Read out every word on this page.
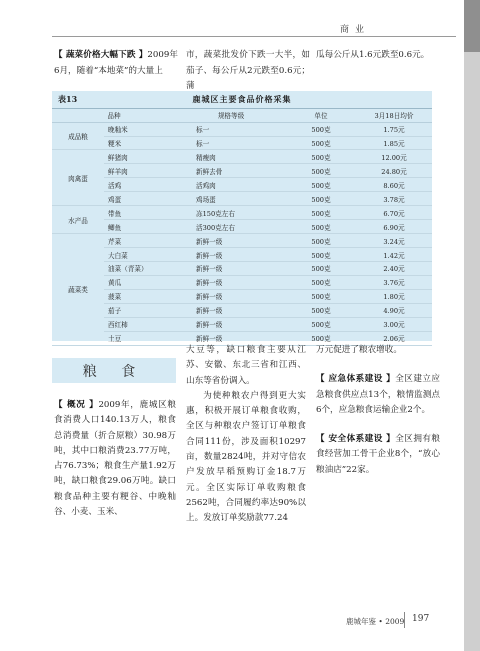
商业
【 蔬菜价格大幅下跌 】2009年6月，随着“本地菜”的大量上
市，蔬菜批发价下跌一大半，如茄子、每公斤从2元跌至0.6元；蒲
瓜每公斤从1.6元跌至0.6元。
表13	鹿城区主要食品价格采集
品种		规格等级	单位	3月18日均价
成品粮	晚籼米	标一	500克	1.75元
	粳米	标一	500克	1.85元
肉禽蛋	鲜猪肉	精瘦肉	500克	12.00元
	鲜羊肉	新鲜去骨	500克	24.80元
	活鸡	活鸡肉	500克	8.60元
	鸡蛋	鸡场蛋	500克	3.78元
水产品	带鱼	冻150克左右	500克	6.70元
	鲫鱼	活300克左右	500克	6.90元
蔬菜类	芹菜	新鲜一级	500克	3.24元
	大白菜	新鲜一级	500克	1.42元
	油菜（青菜）	新鲜一级	500克	2.40元
	黄瓜	新鲜一级	500克	3.76元
	菠菜	新鲜一级	500克	1.80元
	茄子	新鲜一级	500克	4.90元
	西红柿	新鲜一级	500克	3.00元
	土豆	新鲜一级	500克	2.06元
粮 食
【 概况 】2009年，鹿城区粮食消费人口140.13万人，粮食总消费量（折合原粮）30.98万吨，其中口粮消费23.77万吨，占76.73%；粮食生产量1.92万吨，缺口粮食29.06万吨。缺口粮食品种主要有粳谷、中晚籼谷、小麦、玉米、
大豆等，缺口粮食主要从江苏、安徽、东北三省和江西、山东等省份调入。
为使种粮农户得到更大实惠，积极开展订单粮食收购，全区与种粮农户签订订单粮食合同111份，涉及面积10297亩，数量2824吨，并对守信农户发放早稻预购订金18.7万元。全区实际订单收购粮食2562吨，合同履约率达90%以上。发放订单奖励款77.24
万元促进了粮农增收。
【 应急体系建设 】全区建立应急粮食供应点13个，粮情监测点6个，应急粮食运输企业2个。
【 安全体系建设 】全区拥有粮食经营加工骨干企业8个，“放心粮油店”22家。
鹿城年鉴 • 2009 197
